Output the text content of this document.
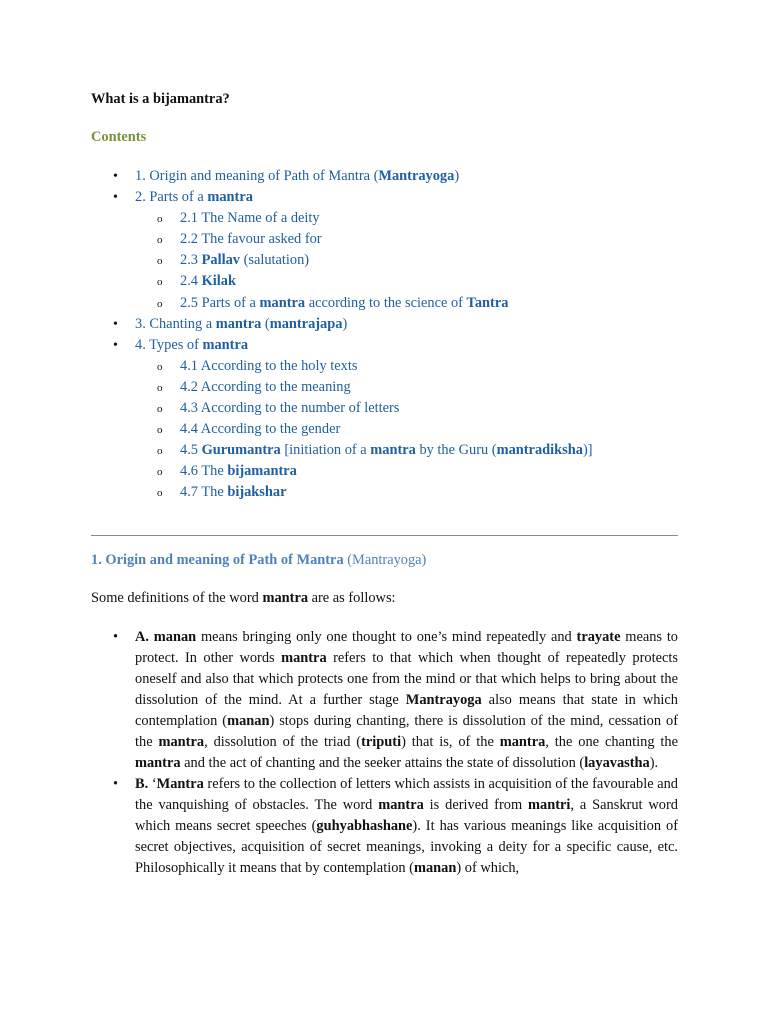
What is a bijamantra?

Contents

• 1. Origin and meaning of Path of Mantra (Mantrayoga)
• 2. Parts of a mantra
o 2.1 The Name of a deity
o 2.2 The favour asked for
o 2.3 Pallav (salutation)
o 2.4 Kilak
o 2.5 Parts of a mantra according to the science of Tantra
• 3. Chanting a mantra (mantrajapa)
• 4. Types of mantra
o 4.1 According to the holy texts
o 4.2 According to the meaning
o 4.3 According to the number of letters
o 4.4 According to the gender
o 4.5 Gurumantra [initiation of a mantra by the Guru (mantradiksha)]
o 4.6 The bijamantra
o 4.7 The bijakshar
1. Origin and meaning of Path of Mantra (Mantrayoga)

Some definitions of the word mantra are as follows:

• A. manan means bringing only one thought to one’s mind repeatedly and trayate means to protect. In other words mantra refers to that which when thought of repeatedly protects oneself and also that which protects one from the mind or that which helps to bring about the dissolution of the mind. At a further stage Mantrayoga also means that state in which contemplation (manan) stops during chanting, there is dissolution of the mind, cessation of the mantra, dissolution of the triad (triputi) that is, of the mantra, the one chanting the mantra and the act of chanting and the seeker attains the state of dissolution (layavastha).
• B. ‘Mantra refers to the collection of letters which assists in acquisition of the favourable and the vanquishing of obstacles. The word mantra is derived from mantri, a Sanskrut word which means secret speeches (guhyabhashane). It has various meanings like acquisition of secret objectives, acquisition of secret meanings, invoking a deity for a specific cause, etc. Philosophically it means that by contemplation (manan) of which,
